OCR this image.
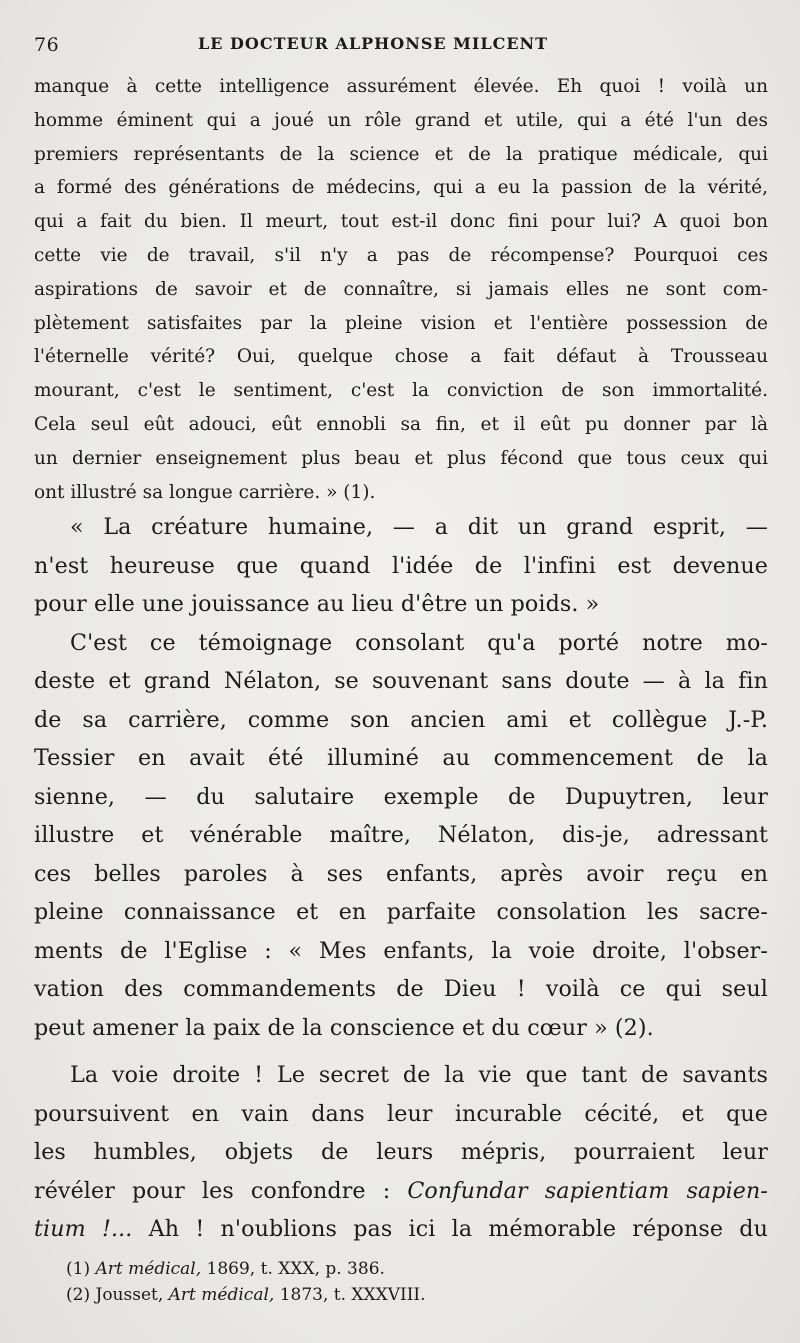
76	LE DOCTEUR ALPHONSE MILCENT
manque à cette intelligence assurément élevée. Eh quoi ! voilà un
homme éminent qui a joué un rôle grand et utile, qui a été l'un des
premiers représentants de la science et de la pratique médicale, qui
a formé des générations de médecins, qui a eu la passion de la vérité,
qui a fait du bien. Il meurt, tout est-il donc fini pour lui? A quoi bon
cette vie de travail, s'il n'y a pas de récompense? Pourquoi ces
aspirations de savoir et de connaître, si jamais elles ne sont com-
plètement satisfaites par la pleine vision et l'entière possession de
l'éternelle vérité? Oui, quelque chose a fait défaut à Trousseau
mourant, c'est le sentiment, c'est la conviction de son immortalité.
Cela seul eût adouci, eût ennobli sa fin, et il eût pu donner par là
un dernier enseignement plus beau et plus fécond que tous ceux qui
ont illustré sa longue carrière. » (1).
« La créature humaine, — a dit un grand esprit, —
n'est heureuse que quand l'idée de l'infini est devenue
pour elle une jouissance au lieu d'être un poids. »
C'est ce témoignage consolant qu'a porté notre mo-
deste et grand Nélaton, se souvenant sans doute — à la fin
de sa carrière, comme son ancien ami et collègue J.-P.
Tessier en avait été illuminé au commencement de la
sienne, — du salutaire exemple de Dupuytren, leur
illustre et vénérable maître, Nélaton, dis-je, adressant
ces belles paroles à ses enfants, après avoir reçu en
pleine connaissance et en parfaite consolation les sacre-
ments de l'Eglise : « Mes enfants, la voie droite, l'obser-
vation des commandements de Dieu ! voilà ce qui seul
peut amener la paix de la conscience et du cœur » (2).
La voie droite ! Le secret de la vie que tant de savants
poursuivent en vain dans leur incurable cécité, et que
les humbles, objets de leurs mépris, pourraient leur
révéler pour les confondre : Confundar sapientiam sapien-
tium !... Ah ! n'oublions pas ici la mémorable réponse du
(1) Art médical, 1869, t. XXX, p. 386.
(2) Jousset, Art médical, 1873, t. XXXVIII.
